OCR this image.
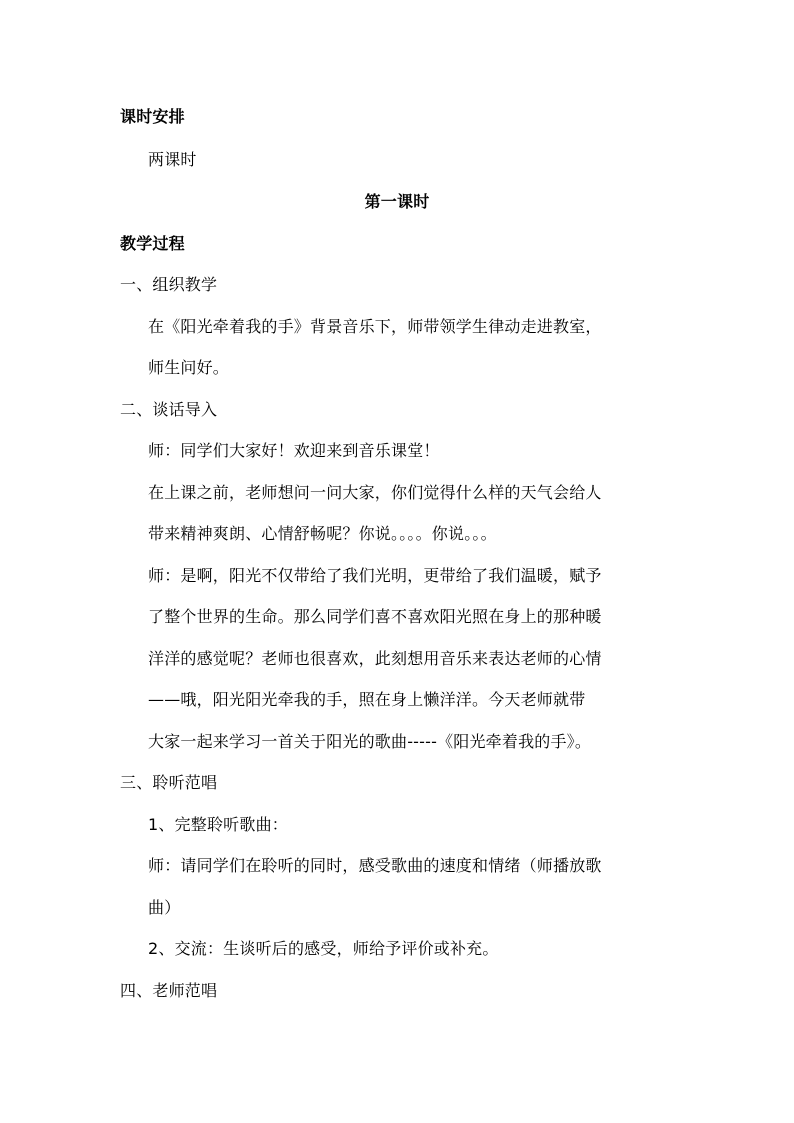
课时安排
两课时
第一课时
教学过程
一、组织教学
在《阳光牵着我的手》背景音乐下，师带领学生律动走进教室，
师生问好。
二、谈话导入
师：同学们大家好！欢迎来到音乐课堂！
在上课之前，老师想问一问大家，你们觉得什么样的天气会给人
带来精神爽朗、心情舒畅呢？你说。。。。你说。。。
师：是啊，阳光不仅带给了我们光明，更带给了我们温暖，赋予
了整个世界的生命。那么同学们喜不喜欢阳光照在身上的那种暖
洋洋的感觉呢？老师也很喜欢，此刻想用音乐来表达老师的心情
——哦，阳光阳光牵我的手，照在身上懒洋洋。今天老师就带
大家一起来学习一首关于阳光的歌曲-----《阳光牵着我的手》。
三、聆听范唱
1、完整聆听歌曲：
师：请同学们在聆听的同时，感受歌曲的速度和情绪（师播放歌
曲）
2、交流：生谈听后的感受，师给予评价或补充。
四、老师范唱
